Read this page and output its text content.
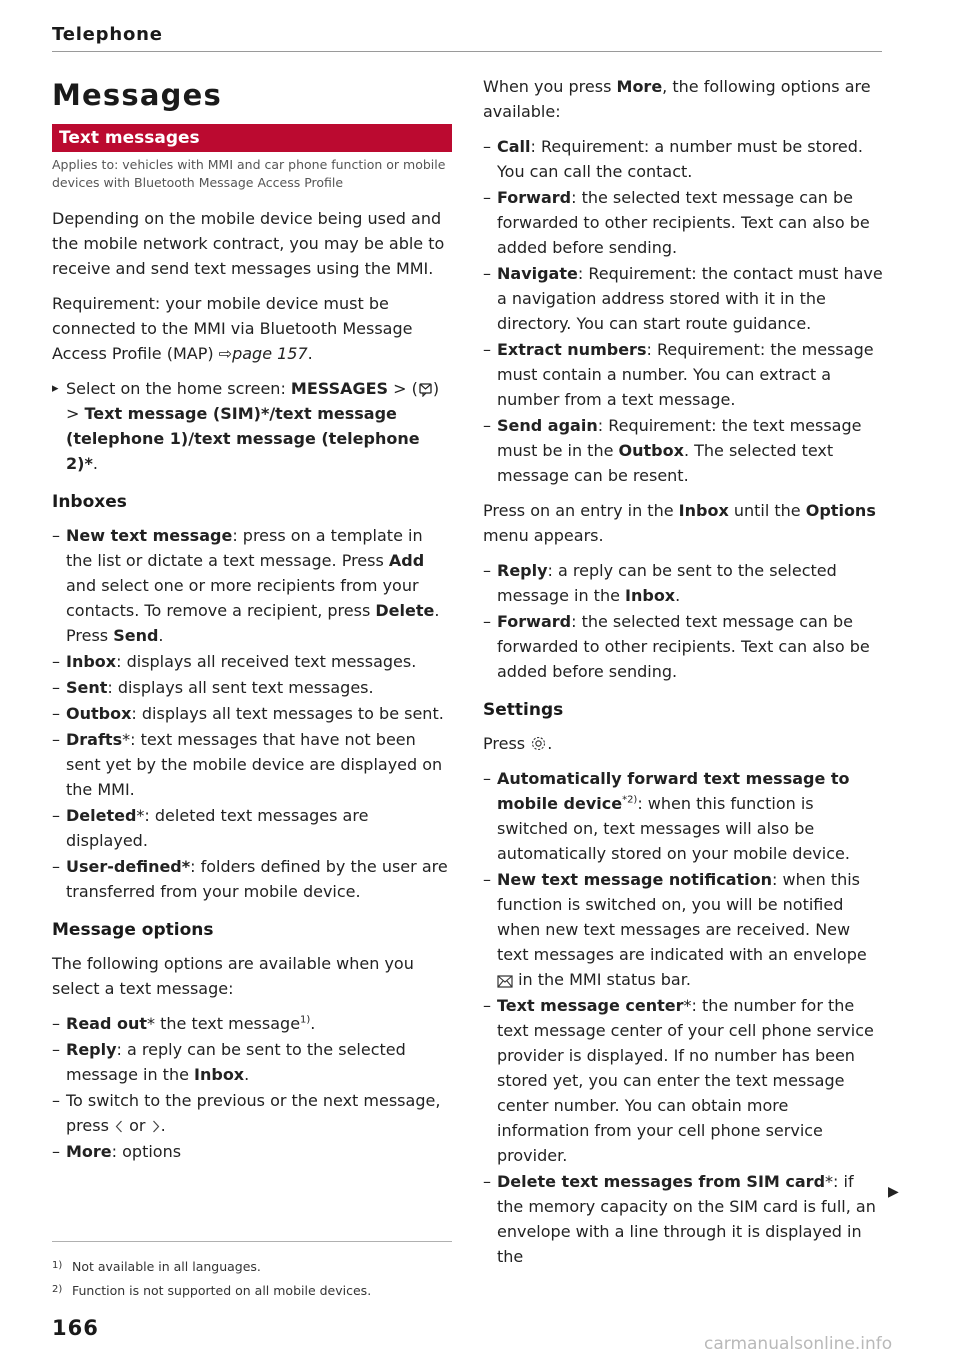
Telephone
Messages
Text messages

Applies to: vehicles with MMI and car phone function or mobile devices with Bluetooth Message Access Profile

Depending on the mobile device being used and the mobile network contract, you may be able to receive and send text messages using the MMI.

Requirement: your mobile device must be connected to the MMI via Bluetooth Message Access Profile (MAP) ⇨page 157.

▸ Select on the home screen: MESSAGES > ( ) > Text message (SIM)*/text message (telephone 1)/text message (telephone 2)*.
Inboxes
– New text message: press on a template in the list or dictate a text message. Press Add and select one or more recipients from your contacts. To remove a recipient, press Delete. Press Send.
– Inbox: displays all received text messages.
– Sent: displays all sent text messages.
– Outbox: displays all text messages to be sent.
– Drafts*: text messages that have not been sent yet by the mobile device are displayed on the MMI.
– Deleted*: deleted text messages are displayed.
– User-defined*: folders defined by the user are transferred from your mobile device.
Message options

The following options are available when you select a text message:

– Read out* the text message$^{1)}$.
– Reply: a reply can be sent to the selected message in the Inbox.
– To switch to the previous or the next message, press or .
– More: options

When you press More, the following options are available:

– Call: Requirement: a number must be stored. You can call the contact.
– Forward: the selected text message can be forwarded to other recipients. Text can also be added before sending.
– Navigate: Requirement: the contact must have a navigation address stored with it in the directory. You can start route guidance.
– Extract numbers: Requirement: the message must contain a number. You can extract a number from a text message.
– Send again: Requirement: the text message must be in the Outbox. The selected text message can be resent.

Press on an entry in the Inbox until the Options menu appears.

– Reply: a reply can be sent to the selected message in the Inbox.
– Forward: the selected text message can be forwarded to other recipients. Text can also be added before sending.
Settings

Press .

– Automatically forward text message to mobile device$^{*2)}$: when this function is switched on, text messages will also be automatically stored on your mobile device.
– New text message notification: when this function is switched on, you will be notified when new text messages are received. New text messages are indicated with an envelope  in the MMI status bar.
– Text message center*: the number for the text message center of your cell phone service provider is displayed. If no number has been stored yet, you can enter the text message center number. You can obtain more information from your cell phone service provider.
– Delete text messages from SIM card*: if the memory capacity on the SIM card is full, an envelope with a line through it is displayed in the
▶
1) Not available in all languages.
2) Function is not supported on all mobile devices.
166
carmanualsonline.info
